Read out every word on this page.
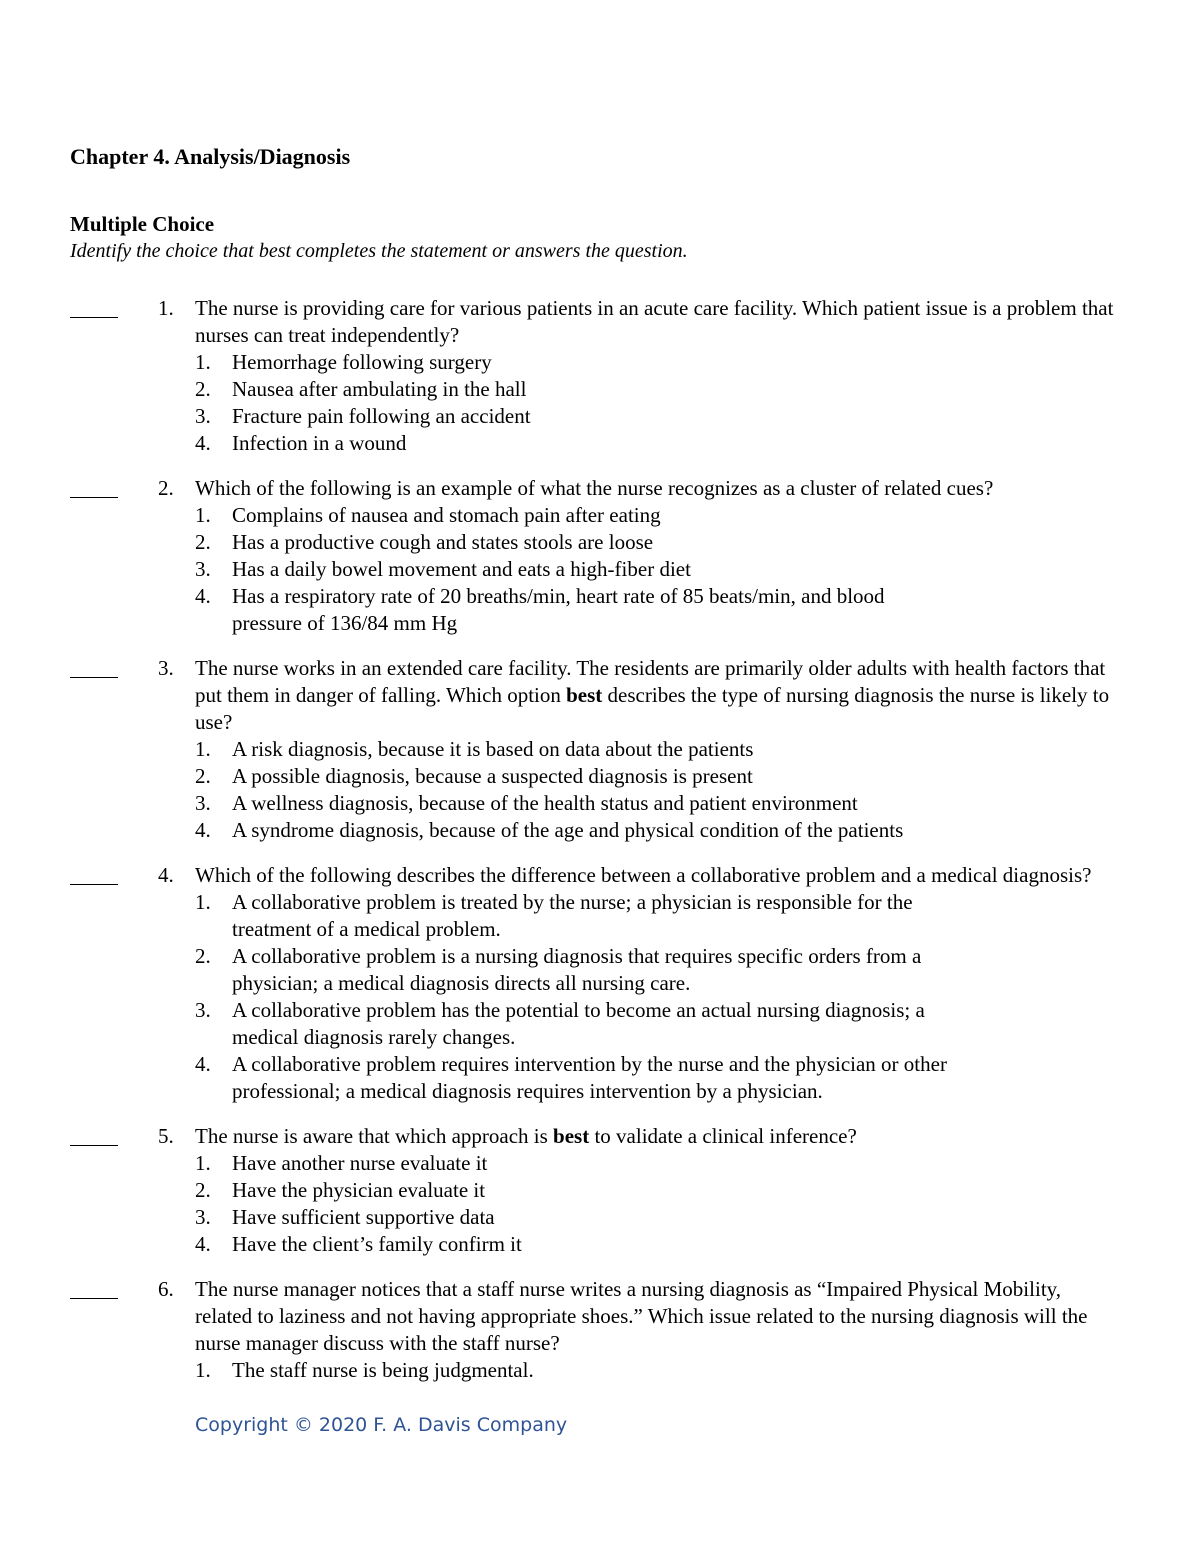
Chapter 4. Analysis/Diagnosis
Multiple Choice

Identify the choice that best completes the statement or answers the question.

1.	The nurse is providing care for various patients in an acute care facility. Which patient issue is a problem that nurses can treat independently?
1.	Hemorrhage following surgery
2.	Nausea after ambulating in the hall
3.	Fracture pain following an accident
4.	Infection in a wound
2.	Which of the following is an example of what the nurse recognizes as a cluster of related cues?
1.	Complains of nausea and stomach pain after eating
2.	Has a productive cough and states stools are loose
3.	Has a daily bowel movement and eats a high-fiber diet
4.	Has a respiratory rate of 20 breaths/min, heart rate of 85 beats/min, and blood pressure of 136/84 mm Hg
3.	The nurse works in an extended care facility. The residents are primarily older adults with health factors that put them in danger of falling. Which option best describes the type of nursing diagnosis the nurse is likely to use?
1.	A risk diagnosis, because it is based on data about the patients
2.	A possible diagnosis, because a suspected diagnosis is present
3.	A wellness diagnosis, because of the health status and patient environment
4.	A syndrome diagnosis, because of the age and physical condition of the patients
4.	Which of the following describes the difference between a collaborative problem and a medical diagnosis?
1.	A collaborative problem is treated by the nurse; a physician is responsible for the treatment of a medical problem.
2.	A collaborative problem is a nursing diagnosis that requires specific orders from a physician; a medical diagnosis directs all nursing care.
3.	A collaborative problem has the potential to become an actual nursing diagnosis; a medical diagnosis rarely changes.
4.	A collaborative problem requires intervention by the nurse and the physician or other professional; a medical diagnosis requires intervention by a physician.
5.	The nurse is aware that which approach is best to validate a clinical inference?
1.	Have another nurse evaluate it
2.	Have the physician evaluate it
3.	Have sufficient supportive data
4.	Have the client’s family confirm it
6.	The nurse manager notices that a staff nurse writes a nursing diagnosis as “Impaired Physical Mobility, related to laziness and not having appropriate shoes.” Which issue related to the nursing diagnosis will the nurse manager discuss with the staff nurse?
1.	The staff nurse is being judgmental.
Copyright © 2020 F. A. Davis Company
